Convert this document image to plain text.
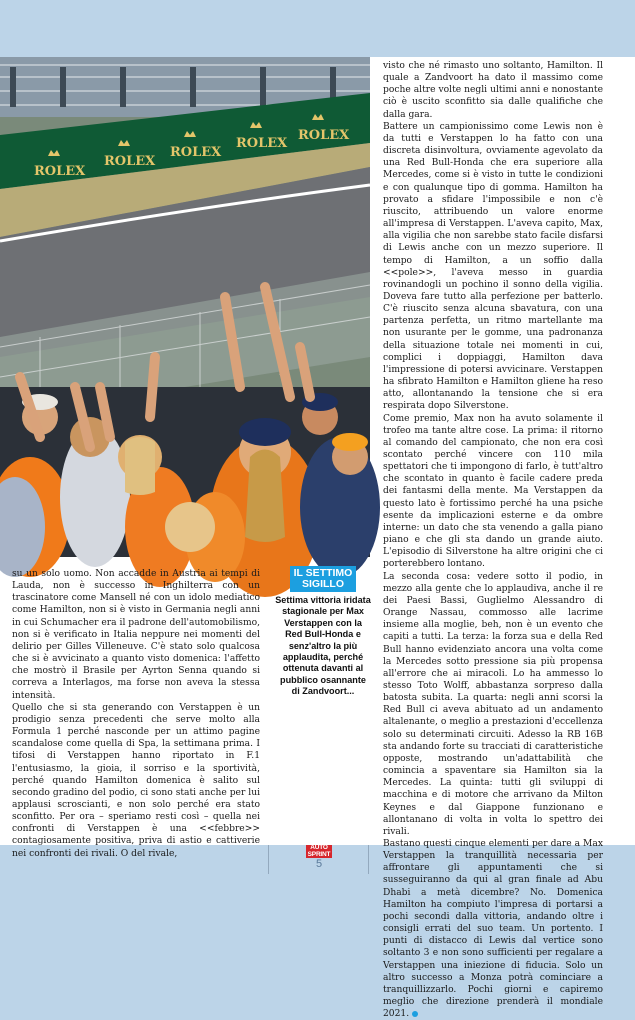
ROLEX
ROLEX
ROLEX
ROLEX
ROLEX

visto che né rimasto uno soltanto, Hamilton. Il quale a Zandvoort ha dato il massimo come poche altre volte negli ultimi anni e nonostante ciò è uscito sconfitto sia dalle qualifiche che dalla gara.

Battere un campionissimo come Lewis non è da tutti e Verstappen lo ha fatto con una discreta disinvoltura, ovviamente agevolato da una Red Bull-Honda che era superiore alla Mercedes, come si è visto in tutte le condizioni e con qualunque tipo di gomma. Hamilton ha provato a sfidare l'impossibile e non c'è riuscito, attribuendo un valore enorme all'impresa di Verstappen. L'aveva capito, Max, alla vigilia che non sarebbe stato facile disfarsi di Lewis anche con un mezzo superiore. Il tempo di Hamilton, a un soffio dalla <<pole>>, l'aveva messo in guardia rovinandogli un pochino il sonno della vigilia. Doveva fare tutto alla perfezione per batterlo. C'è riuscito senza alcuna sbavatura, con una partenza perfetta, un ritmo martellante ma non usurante per le gomme, una padronanza della situazione totale nei momenti in cui, complici i doppiaggi, Hamilton dava l'impressione di potersi avvicinare. Verstappen ha sfibrato Hamilton e Hamilton gliene ha reso atto, allontanando la tensione che si era respirata dopo Silverstone.

Come premio, Max non ha avuto solamente il trofeo ma tante altre cose. La prima: il ritorno al comando del campionato, che non era così scontato perché vincere con 110 mila spettatori che ti impongono di farlo, è tutt'altro che scontato in quanto è facile cadere preda dei fantasmi della mente. Ma Verstappen da questo lato è fortissimo perché ha una psiche esente da implicazioni esterne e da ombre interne: un dato che sta venendo a galla piano piano e che gli sta dando un grande aiuto. L'episodio di Silverstone ha altre origini che ci porterebbero lontano.

La seconda cosa: vedere sotto il podio, in mezzo alla gente che lo applaudiva, anche il re dei Paesi Bassi, Guglielmo Alessandro di Orange Nassau, commosso alle lacrime insieme alla moglie, beh, non è un evento che capiti a tutti. La terza: la forza sua e della Red Bull hanno evidenziato ancora una volta come la Mercedes sotto pressione sia più propensa all'errore che ai miracoli. Lo ha ammesso lo stesso Toto Wolff, abbastanza sorpreso dalla batosta subita. La quarta: negli anni scorsi la Red Bull ci aveva abituato ad un andamento altalenante, o meglio a prestazioni d'eccellenza solo su determinati circuiti. Adesso la RB 16B sta andando forte su tracciati di caratteristiche opposte, mostrando un'adattabilità che comincia a spaventare sia Hamilton sia la Mercedes. La quinta: tutti gli sviluppi di macchina e di motore che arrivano da Milton Keynes e dal Giappone funzionano e allontanano di volta in volta lo spettro dei rivali.

Bastano questi cinque elementi per dare a Max Verstappen la tranquillità necessaria per affrontare gli appuntamenti che si susseguiranno da qui al gran finale ad Abu Dhabi a metà dicembre? No. Domenica Hamilton ha compiuto l'impresa di portarsi a pochi secondi dalla vittoria, andando oltre i consigli errati del suo team. Un portento. I punti di distacco di Lewis dal vertice sono soltanto 3 e non sono sufficienti per regalare a Verstappen una iniezione di fiducia. Solo un altro successo a Monza potrà cominciare a tranquillizzarlo. Pochi giorni e capiremo meglio che direzione prenderà il mondiale 2021.

su un solo uomo. Non accadde in Austria ai tempi di Lauda, non è successo in Inghilterra con un trascinatore come Mansell né con un idolo mediatico come Hamilton, non si è visto in Germania negli anni in cui Schumacher era il padrone dell'automobilismo, non si è verificato in Italia neppure nei momenti del delirio per Gilles Villeneuve. C'è stato solo qualcosa che si è avvicinato a quanto visto domenica: l'affetto che mostrò il Brasile per Ayrton Senna quando si correva a Interlagos, ma forse non aveva la stessa intensità.

Quello che si sta generando con Verstappen è un prodigio senza precedenti che serve molto alla Formula 1 perché nasconde per un attimo pagine scandalose come quella di Spa, la settimana prima. I tifosi di Verstappen hanno riportato in F.1 l'entusiasmo, la gioia, il sorriso e la sportività, perché quando Hamilton domenica è salito sul secondo gradino del podio, ci sono stati anche per lui applausi scroscianti, e non solo perché era stato sconfitto. Per ora – speriamo resti così – quella nei confronti di Verstappen è una <<febbre>> contagiosamente positiva, priva di astio e cattiverie nei confronti dei rivali. O del rivale,

IL SETTIMO
SIGILLO
Settima vittoria iridata stagionale per Max Verstappen con la Red Bull-Honda e senz'altro la più applaudita, perché ottenuta davanti al pubblico osannante di Zandvoort...
AUTO
SPRINT
5
